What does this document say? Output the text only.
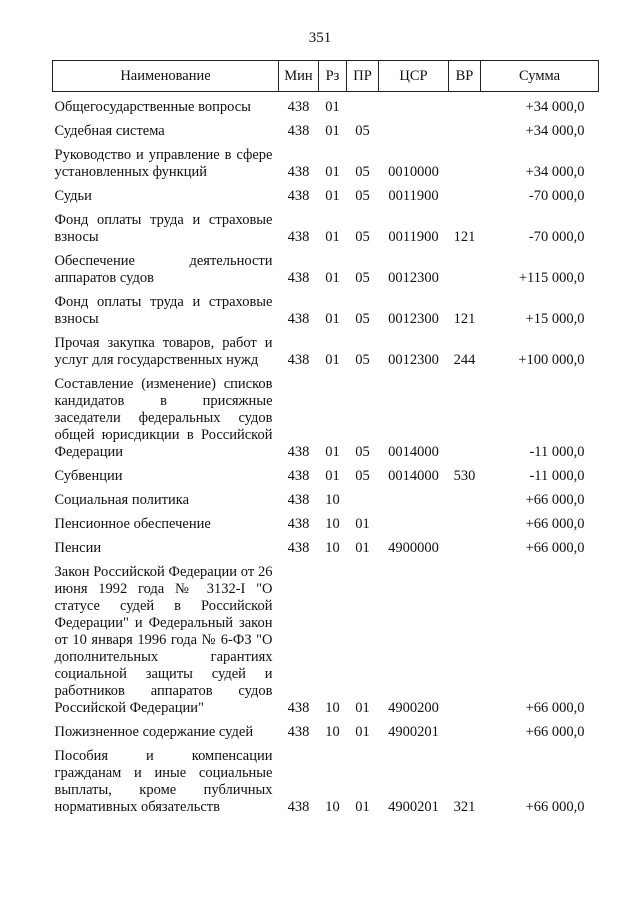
351
Наименование	Мин	Рз	ПР	ЦСР	ВР	Сумма
Общегосударственные вопросы	438	01				+34 000,0
Судебная система	438	01	05			+34 000,0
Руководство и управление в сфере установленных функций	438	01	05	0010000		+34 000,0
Судьи	438	01	05	0011900		-70 000,0
Фонд оплаты труда и страховые взносы	438	01	05	0011900	121	-70 000,0
Обеспечение деятельности аппаратов судов	438	01	05	0012300		+115 000,0
Фонд оплаты труда и страховые взносы	438	01	05	0012300	121	+15 000,0
Прочая закупка товаров, работ и услуг для государственных нужд	438	01	05	0012300	244	+100 000,0
Составление (изменение) списков кандидатов в присяжные заседатели федеральных судов общей юрисдикции в Российской Федерации	438	01	05	0014000		-11 000,0
Субвенции	438	01	05	0014000	530	-11 000,0
Социальная политика	438	10				+66 000,0
Пенсионное обеспечение	438	10	01			+66 000,0
Пенсии	438	10	01	4900000		+66 000,0
Закон Российской Федерации от 26 июня 1992 года № 3132-I "О статусе судей в Российской Федерации" и Федеральный закон от 10 января 1996 года № 6-ФЗ "О дополнительных гарантиях социальной защиты судей и работников аппаратов судов Российской Федерации"	438	10	01	4900200		+66 000,0
Пожизненное содержание судей	438	10	01	4900201		+66 000,0
Пособия и компенсации гражданам и иные социальные выплаты, кроме публичных нормативных обязательств	438	10	01	4900201	321	+66 000,0
